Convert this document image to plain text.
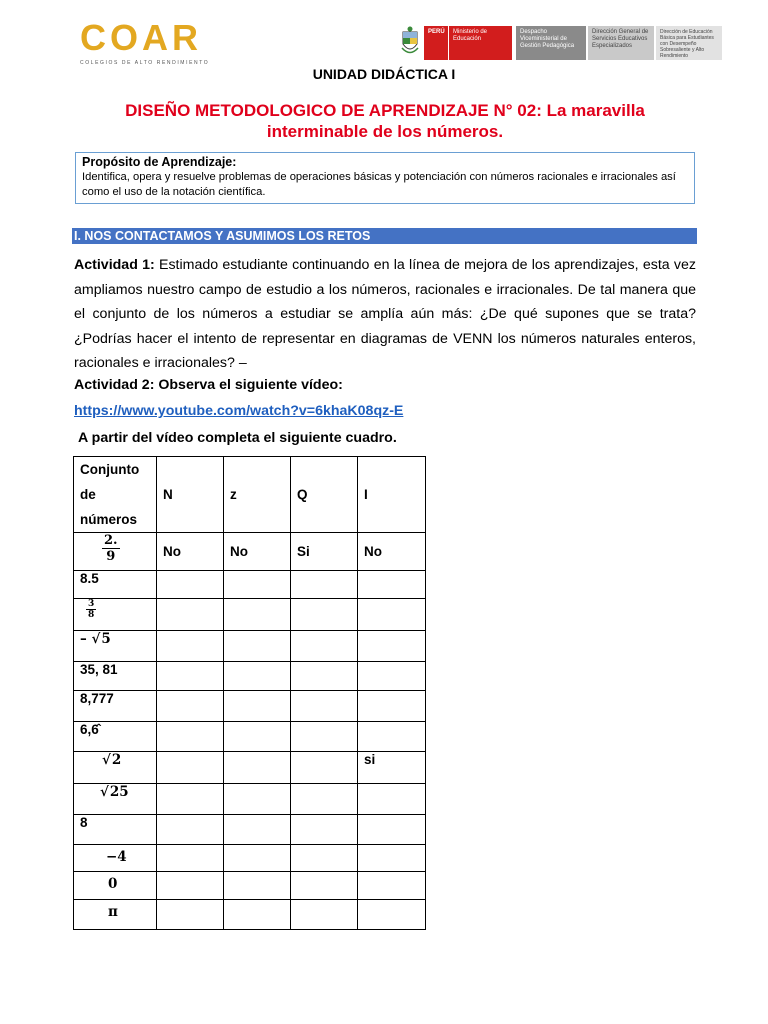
COAR
COLEGIOS DE ALTO RENDIMIENTO
PERÚ	Ministerio de Educación
Despacho Viceministerial de Gestión Pedagógica
Dirección General de Servicios Educativos Especializados
Dirección de Educación Básica para Estudiantes con Desempeño Sobresaliente y Alto Rendimiento
UNIDAD DIDÁCTICA I
DISEÑO METODOLOGICO DE APRENDIZAJE N° 02: La maravilla interminable de los números.
Propósito de Aprendizaje:
Identifica, opera y resuelve problemas de operaciones básicas y potenciación con números racionales e irracionales así como el uso de la notación científica.
I. NOS CONTACTAMOS Y ASUMIMOS LOS RETOS
Actividad 1: Estimado estudiante continuando en la línea de mejora de los aprendizajes, esta vez ampliamos nuestro campo de estudio a los números, racionales e irracionales. De tal manera que el conjunto de los números a estudiar se amplía aún más: ¿De qué supones que se trata? ¿Podrías hacer el intento de representar en diagramas de VENN los números naturales enteros, racionales e irracionales? –
Actividad 2: Observa el siguiente vídeo:
https://www.youtube.com/watch?v=6khaK08qz-E
A partir del vídeo completa el siguiente cuadro.
Conjunto de números	N	z	Q	I

$\frac{2.}{9}$	No	No	Si	No
8.5				

$\frac{3}{8}$

– √5				
35, 81				
8,777				
6,6̂				
√2				si
√25				
8				
−4				
0				
π				
